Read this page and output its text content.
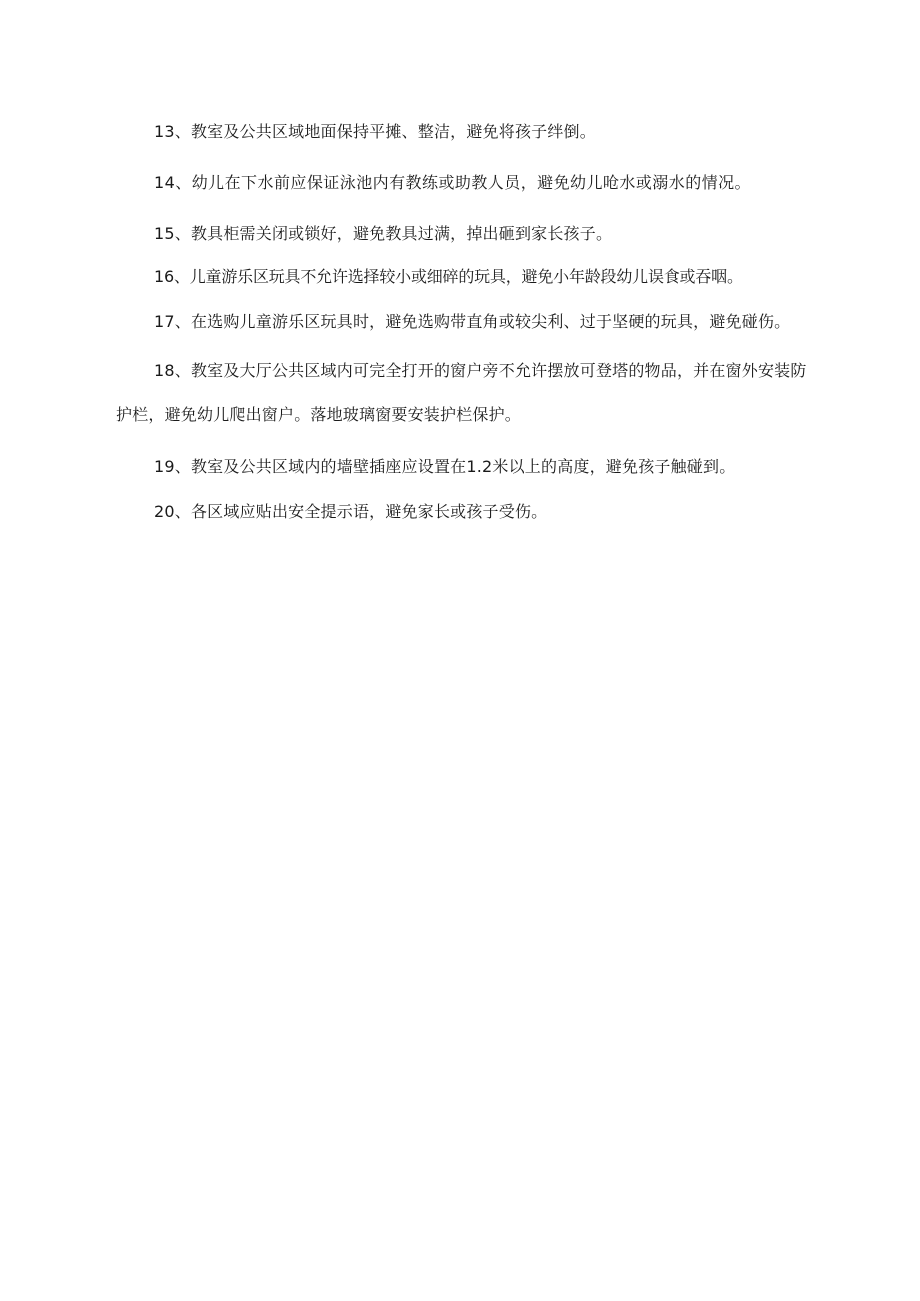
13、教室及公共区域地面保持平摊、整洁，避免将孩子绊倒。

14、幼儿在下水前应保证泳池内有教练或助教人员，避免幼儿呛水或溺水的情况。

15、教具柜需关闭或锁好，避免教具过满，掉出砸到家长孩子。

16、儿童游乐区玩具不允许选择较小或细碎的玩具，避免小年龄段幼儿误食或吞咽。

17、在选购儿童游乐区玩具时，避免选购带直角或较尖利、过于坚硬的玩具，避免碰伤。

18、教室及大厅公共区域内可完全打开的窗户旁不允许摆放可登塔的物品，并在窗外安装防护栏，避免幼儿爬出窗户。落地玻璃窗要安装护栏保护。

19、教室及公共区域内的墙壁插座应设置在1.2米以上的高度，避免孩子触碰到。

20、各区域应贴出安全提示语，避免家长或孩子受伤。
